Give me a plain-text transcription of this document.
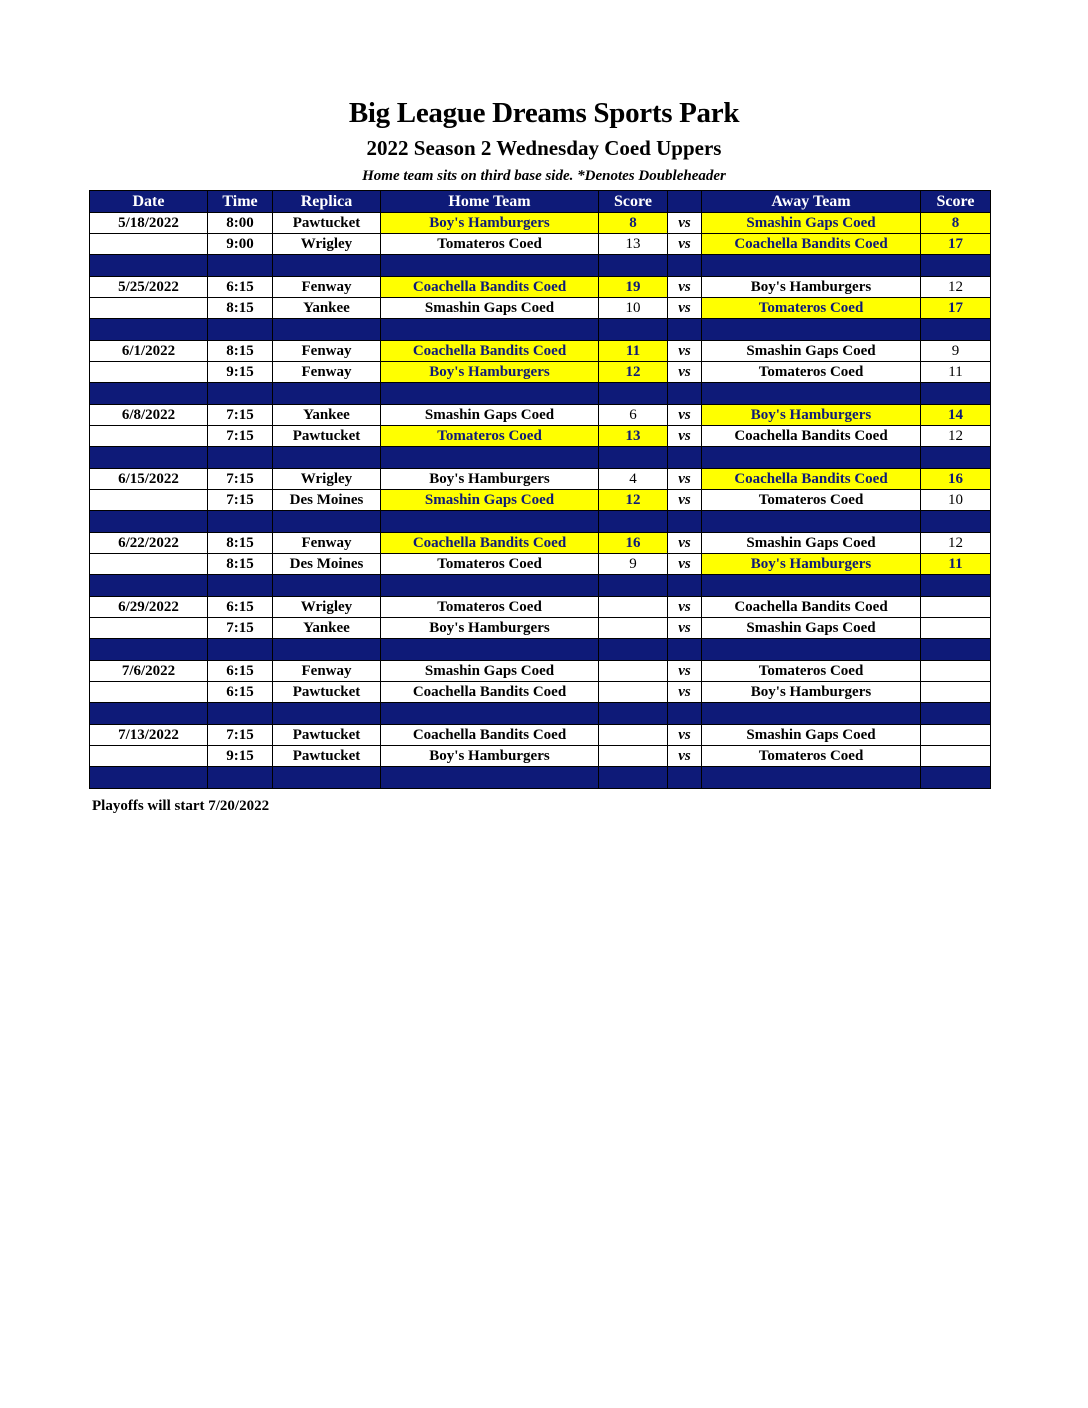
Big League Dreams Sports Park
2022 Season 2 Wednesday Coed Uppers
Home team sits on third base side. *Denotes Doubleheader
Date	Time	Replica	Home Team	Score		Away Team	Score
5/18/2022	8:00	Pawtucket	Boy's Hamburgers	8	vs	Smashin Gaps Coed	8
	9:00	Wrigley	Tomateros Coed	13	vs	Coachella Bandits Coed	17

5/25/2022	6:15	Fenway	Coachella Bandits Coed	19	vs	Boy's Hamburgers	12
	8:15	Yankee	Smashin Gaps Coed	10	vs	Tomateros Coed	17

6/1/2022	8:15	Fenway	Coachella Bandits Coed	11	vs	Smashin Gaps Coed	9
	9:15	Fenway	Boy's Hamburgers	12	vs	Tomateros Coed	11

6/8/2022	7:15	Yankee	Smashin Gaps Coed	6	vs	Boy's Hamburgers	14
	7:15	Pawtucket	Tomateros Coed	13	vs	Coachella Bandits Coed	12

6/15/2022	7:15	Wrigley	Boy's Hamburgers	4	vs	Coachella Bandits Coed	16
	7:15	Des Moines	Smashin Gaps Coed	12	vs	Tomateros Coed	10

6/22/2022	8:15	Fenway	Coachella Bandits Coed	16	vs	Smashin Gaps Coed	12
	8:15	Des Moines	Tomateros Coed	9	vs	Boy's Hamburgers	11

6/29/2022	6:15	Wrigley	Tomateros Coed		vs	Coachella Bandits Coed	
	7:15	Yankee	Boy's Hamburgers		vs	Smashin Gaps Coed	

7/6/2022	6:15	Fenway	Smashin Gaps Coed		vs	Tomateros Coed	
	6:15	Pawtucket	Coachella Bandits Coed		vs	Boy's Hamburgers	

7/13/2022	7:15	Pawtucket	Coachella Bandits Coed		vs	Smashin Gaps Coed	
	9:15	Pawtucket	Boy's Hamburgers		vs	Tomateros Coed	

Playoffs will start 7/20/2022
